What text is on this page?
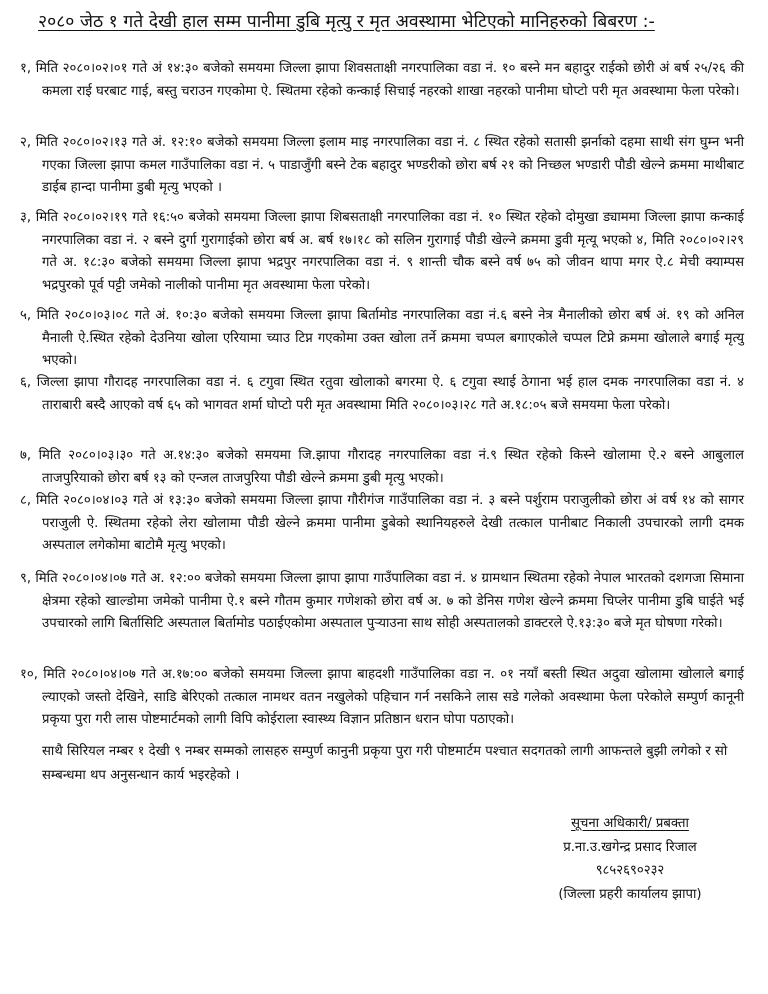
२०८० जेठ १ गते देखी हाल सम्म पानीमा डुबि मृत्यु र मृत अवस्थामा भेटिएको मानिहरुको बिबरण :-
१, मिति २०८०।०२।०१ गते अं १४:३० बजेको समयमा जिल्ला झापा शिवसताक्षी नगरपालिका वडा नं. १० बस्ने मन बहादुर राईको छोरी अं बर्ष २५/२६ की कमला राई घरबाट गाई, बस्तु चराउन गएकोमा ऐ. स्थितमा रहेको कन्काई सिचाई नहरको शाखा नहरको पानीमा घोप्टो परी मृत अवस्थामा फेला परेको।
२, मिति २०८०।०२।१३ गते अं. १२:१० बजेको समयमा जिल्ला इलाम माइ नगरपालिका वडा नं. ८ स्थित रहेको सतासी झर्नाको दहमा साथी संग घुम्न भनी गएका जिल्ला झापा कमल गाउँपालिका वडा नं. ५ पाडाजुँगी बस्ने टेक बहादुर भण्डरीको छोरा बर्ष २१ को निच्छल भण्डारी पौडी खेल्ने क्रममा माथीबाट डाईब हान्दा पानीमा डुबी मृत्यु भएको ।
३, मिति २०८०।०२।१९ गते १६:५० बजेको समयमा जिल्ला झापा शिबसताक्षी नगरपालिका वडा नं. १० स्थित रहेको दोमुखा ड्याममा जिल्ला झापा कन्काई नगरपालिका वडा नं. २ बस्ने दुर्गा गुरागाईको छोरा बर्ष अ. बर्ष १७।१८ को सलिन गुरागाई पौडी खेल्ने क्रममा डुवी मृत्यू भएको ४, मिति २०८०।०२।२९ गते अ. १८:३० बजेको समयमा जिल्ला झापा भद्रपुर नगरपालिका वडा नं. ९ शान्ती चौक बस्ने वर्ष ७५ को जीवन थापा मगर ऐ.८ मेची क्याम्पस भद्रपुरको पूर्व पट्टी जमेको नालीको पानीमा मृत अवस्थामा फेला परेको।
५, मिति २०८०।०३।०८ गते अं. १०:३० बजेको समयमा जिल्ला झापा बिर्तामोड नगरपालिका वडा नं.६ बस्ने नेत्र मैनालीको छोरा बर्ष अं. १९ को अनिल मैनाली ऐ.स्थित रहेको देउनिया खोला एरियामा च्याउ टिप्न गएकोमा उक्त खोला तर्ने क्रममा चप्पल बगाएकोले चप्पल टिप्ने क्रममा खोलाले बगाई मृत्यु भएको।
६, जिल्ला झापा गौरादह नगरपालिका वडा नं. ६ टगुवा स्थित रतुवा खोलाको बगरमा ऐ. ६ टगुवा स्थाई ठेगाना भई हाल दमक नगरपालिका वडा नं. ४ ताराबारी बस्दै आएको वर्ष ६५ को भागवत शर्मा घोप्टो परी मृत अवस्थामा मिति २०८०।०३।२८ गते अ.१८:०५ बजे समयमा फेला परेको।
७, मिति २०८०।०३।३० गते अ.१४:३० बजेको समयमा जि.झापा गौरादह नगरपालिका वडा नं.९ स्थित रहेको किस्ने खोलामा ऐ.२ बस्ने आबुलाल ताजपुरियाको छोरा बर्ष १३ को एन्जल ताजपुरिया पौडी खेल्ने क्रममा डुबी मृत्यु भएको।
८, मिति २०८०।०४।०३ गते अं १३:३० बजेको समयमा जिल्ला झापा गौरीगंज गाउँपालिका वडा नं. ३ बस्ने पर्शुराम पराजुलीको छोरा अं वर्ष १४ को सागर पराजुली ऐ. स्थितमा रहेको लेरा खोलामा पौडी खेल्ने क्रममा पानीमा डुबेको स्थानियहरुले देखी तत्काल पानीबाट निकाली उपचारको लागी दमक अस्पताल लगेकोमा बाटोमै मृत्यु भएको।
९, मिति २०८०।०४।०७ गते अ. १२:०० बजेको समयमा जिल्ला झापा झापा गाउँपालिका वडा नं. ४ ग्रामथान स्थितमा रहेको नेपाल भारतको दशगजा सिमाना क्षेत्रमा रहेको खाल्डोमा जमेको पानीमा ऐ.१ बस्ने गौतम कुमार गणेशको छोरा वर्ष अ. ७ को डेनिस गणेश खेल्ने क्रममा चिप्लेर पानीमा डुबि घाईते भई उपचारको लागि बिर्तासिटि अस्पताल बिर्तामोड पठाईएकोमा अस्पताल पुऱ्याउना साथ सोही अस्पतालको डाक्टरले ऐ.१३:३० बजे मृत घोषणा गरेको।
१०, मिति २०८०।०४।०७ गते अ.१७:०० बजेको समयमा जिल्ला झापा बाहदशी गाउँपालिका वडा न. ०१ नयाँ बस्ती स्थित अदुवा खोलामा खोलाले बगाई ल्याएको जस्तो देखिने, साडि बेरिएको तत्काल नामथर वतन नखुलेको पहिचान गर्न नसकिने लास सडे गलेको अवस्थामा फेला परेकोले सम्पुर्ण कानूनी प्रकृया पुरा गरी लास पोष्टमार्टमको लागी विपि कोईराला स्वास्थ्य विज्ञान प्रतिष्ठान धरान घोपा पठाएको।
साथै सिरियल नम्बर १ देखी ९ नम्बर सम्मको लासहरु सम्पुर्ण कानुनी प्रकृया पुरा गरी पोष्टमार्टम पश्चात सदगतको लागी आफन्तले बुझी लगेको र सो सम्बन्धमा थप अनुसन्धान कार्य भइरहेको ।
सूचना अधिकारी/ प्रबक्ता
प्र.ना.उ.खगेन्द्र प्रसाद रिजाल
९८५२६९०२३२
(जिल्ला प्रहरी कार्यालय झापा)
